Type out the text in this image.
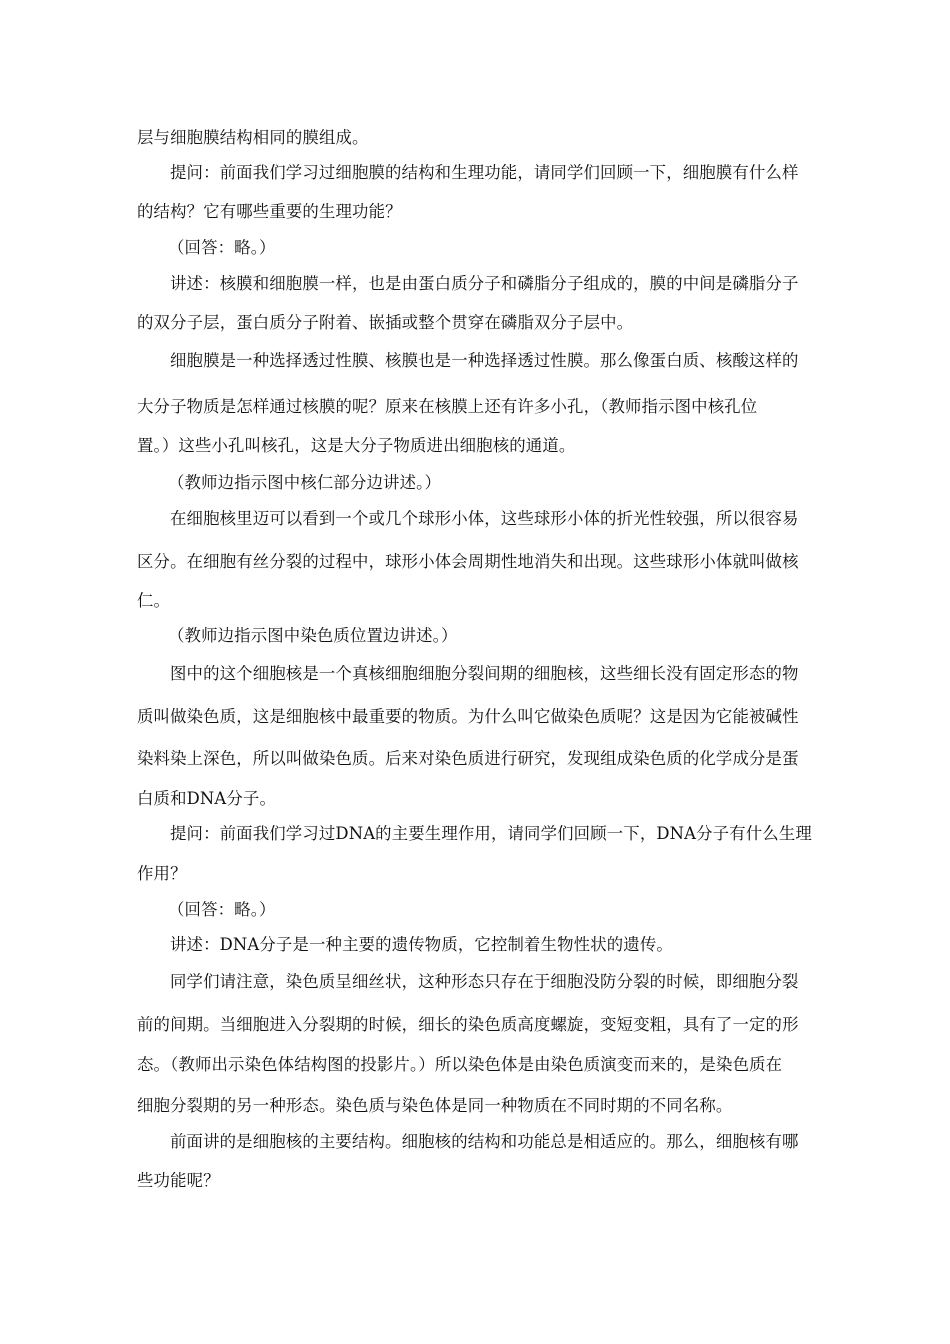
层与细胞膜结构相同的膜组成。
提问：前面我们学习过细胞膜的结构和生理功能，请同学们回顾一下，细胞膜有什么样
的结构？它有哪些重要的生理功能？
（回答：略。）
讲述：核膜和细胞膜一样，也是由蛋白质分子和磷脂分子组成的，膜的中间是磷脂分子
的双分子层，蛋白质分子附着、嵌插或整个贯穿在磷脂双分子层中。
细胞膜是一种选择透过性膜、核膜也是一种选择透过性膜。那么像蛋白质、核酸这样的
大分子物质是怎样通过核膜的呢？原来在核膜上还有许多小孔，（教师指示图中核孔位
置。）这些小孔叫核孔，这是大分子物质进出细胞核的通道。
（教师边指示图中核仁部分边讲述。）
在细胞核里迈可以看到一个或几个球形小体，这些球形小体的折光性较强，所以很容易
区分。在细胞有丝分裂的过程中，球形小体会周期性地消失和出现。这些球形小体就叫做核
仁。
（教师边指示图中染色质位置边讲述。）
图中的这个细胞核是一个真核细胞细胞分裂间期的细胞核，这些细长没有固定形态的物
质叫做染色质，这是细胞核中最重要的物质。为什么叫它做染色质呢？这是因为它能被碱性
染料染上深色，所以叫做染色质。后来对染色质进行研究，发现组成染色质的化学成分是蛋
白质和DNA分子。
提问：前面我们学习过DNA的主要生理作用，请同学们回顾一下，DNA分子有什么生理
作用？
（回答：略。）
讲述：DNA分子是一种主要的遗传物质，它控制着生物性状的遗传。
同学们请注意，染色质呈细丝状，这种形态只存在于细胞没防分裂的时候，即细胞分裂
前的间期。当细胞进入分裂期的时候，细长的染色质高度螺旋，变短变粗，具有了一定的形
态。（教师出示染色体结构图的投影片。）所以染色体是由染色质演变而来的，是染色质在
细胞分裂期的另一种形态。染色质与染色体是同一种物质在不同时期的不同名称。
前面讲的是细胞核的主要结构。细胞核的结构和功能总是相适应的。那么，细胞核有哪
些功能呢？
